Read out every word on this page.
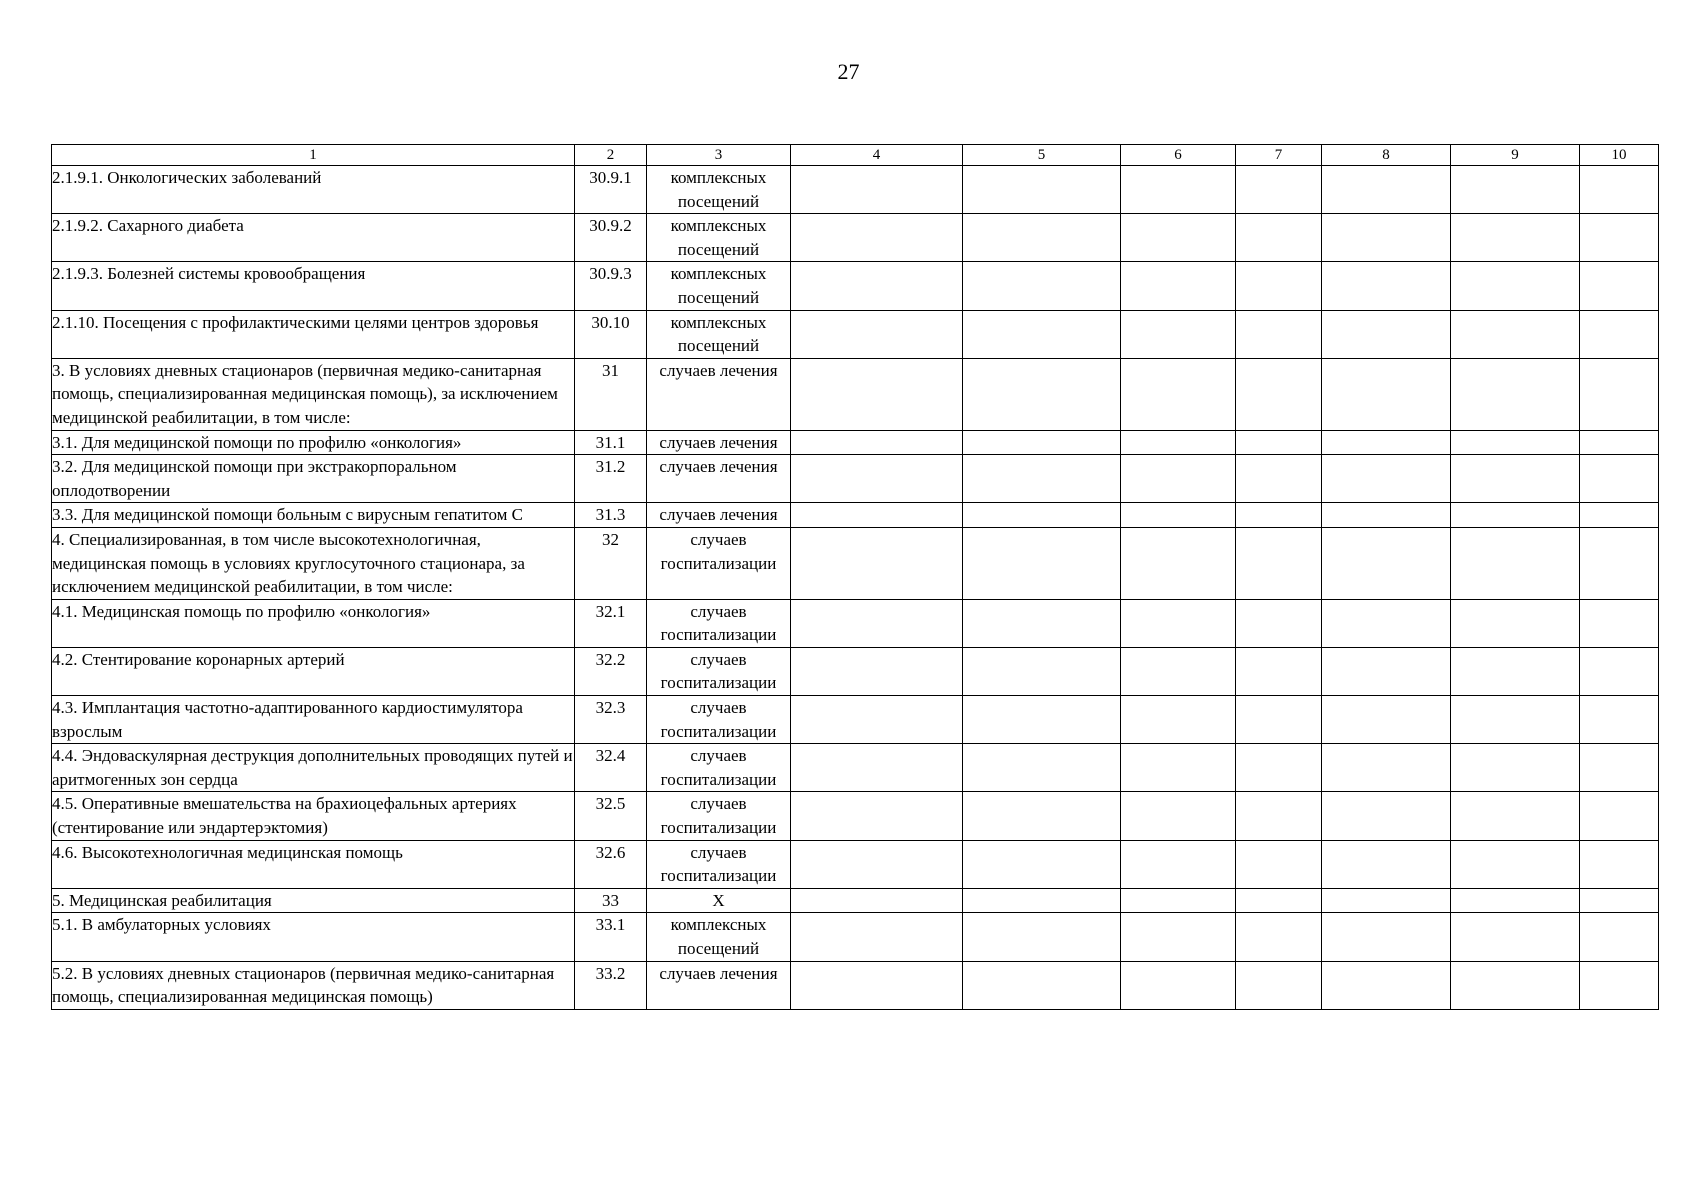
27
1	2	3	4	5	6	7	8	9	10
2.1.9.1. Онкологических заболеваний	30.9.1	комплексных посещений							
2.1.9.2. Сахарного диабета	30.9.2	комплексных посещений							
2.1.9.3. Болезней системы кровообращения	30.9.3	комплексных посещений							
2.1.10. Посещения с профилактическими целями центров здоровья	30.10	комплексных посещений							
3. В условиях дневных стационаров (первичная медико-санитарная помощь, специализированная медицинская помощь), за исключением медицинской реабилитации, в том числе:	31	случаев лечения							
3.1. Для медицинской помощи по профилю «онкология»	31.1	случаев лечения							
3.2. Для медицинской помощи при экстракорпоральном оплодотворении	31.2	случаев лечения							
3.3. Для медицинской помощи больным с вирусным гепатитом С	31.3	случаев лечения							
4. Специализированная, в том числе высокотехнологичная, медицинская помощь в условиях круглосуточного стационара, за исключением медицинской реабилитации, в том числе:	32	случаев госпитализации							
4.1. Медицинская помощь по профилю «онкология»	32.1	случаев госпитализации							
4.2. Стентирование коронарных артерий	32.2	случаев госпитализации							
4.3. Имплантация частотно-адаптированного кардиостимулятора взрослым	32.3	случаев госпитализации							
4.4. Эндоваскулярная деструкция дополнительных проводящих путей и аритмогенных зон сердца	32.4	случаев госпитализации							
4.5. Оперативные вмешательства на брахиоцефальных артериях (стентирование или эндартерэктомия)	32.5	случаев госпитализации							
4.6. Высокотехнологичная медицинская помощь	32.6	случаев госпитализации							
5. Медицинская реабилитация	33	Х							
5.1. В амбулаторных условиях	33.1	комплексных посещений							
5.2. В условиях дневных стационаров (первичная медико-санитарная помощь, специализированная медицинская помощь)	33.2	случаев лечения							
